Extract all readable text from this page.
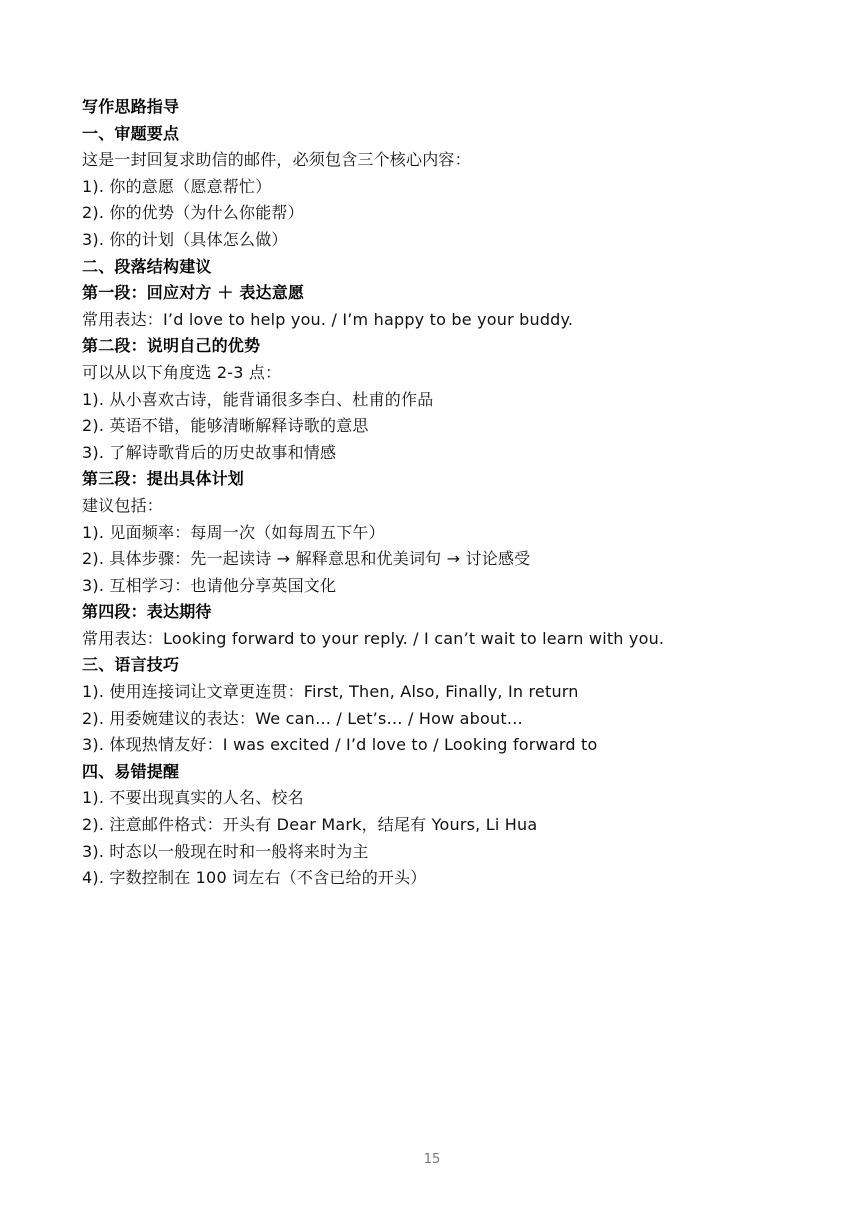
写作思路指导
一、审题要点
这是一封回复求助信的邮件，必须包含三个核心内容：
1). 你的意愿（愿意帮忙）
2). 你的优势（为什么你能帮）
3). 你的计划（具体怎么做）
二、段落结构建议
第一段：回应对方 ＋ 表达意愿
常用表达：I’d love to help you. / I’m happy to be your buddy.
第二段：说明自己的优势
可以从以下角度选 2-3 点：
1). 从小喜欢古诗，能背诵很多李白、杜甫的作品
2). 英语不错，能够清晰解释诗歌的意思
3). 了解诗歌背后的历史故事和情感
第三段：提出具体计划
建议包括：
1). 见面频率：每周一次（如每周五下午）
2). 具体步骤：先一起读诗 → 解释意思和优美词句 → 讨论感受
3). 互相学习：也请他分享英国文化
第四段：表达期待
常用表达：Looking forward to your reply. / I can’t wait to learn with you.
三、语言技巧
1). 使用连接词让文章更连贯：First, Then, Also, Finally, In return
2). 用委婉建议的表达：We can… / Let’s… / How about…
3). 体现热情友好：I was excited / I’d love to / Looking forward to
四、易错提醒
1). 不要出现真实的人名、校名
2). 注意邮件格式：开头有 Dear Mark，结尾有 Yours, Li Hua
3). 时态以一般现在时和一般将来时为主
4). 字数控制在 100 词左右（不含已给的开头）
15
